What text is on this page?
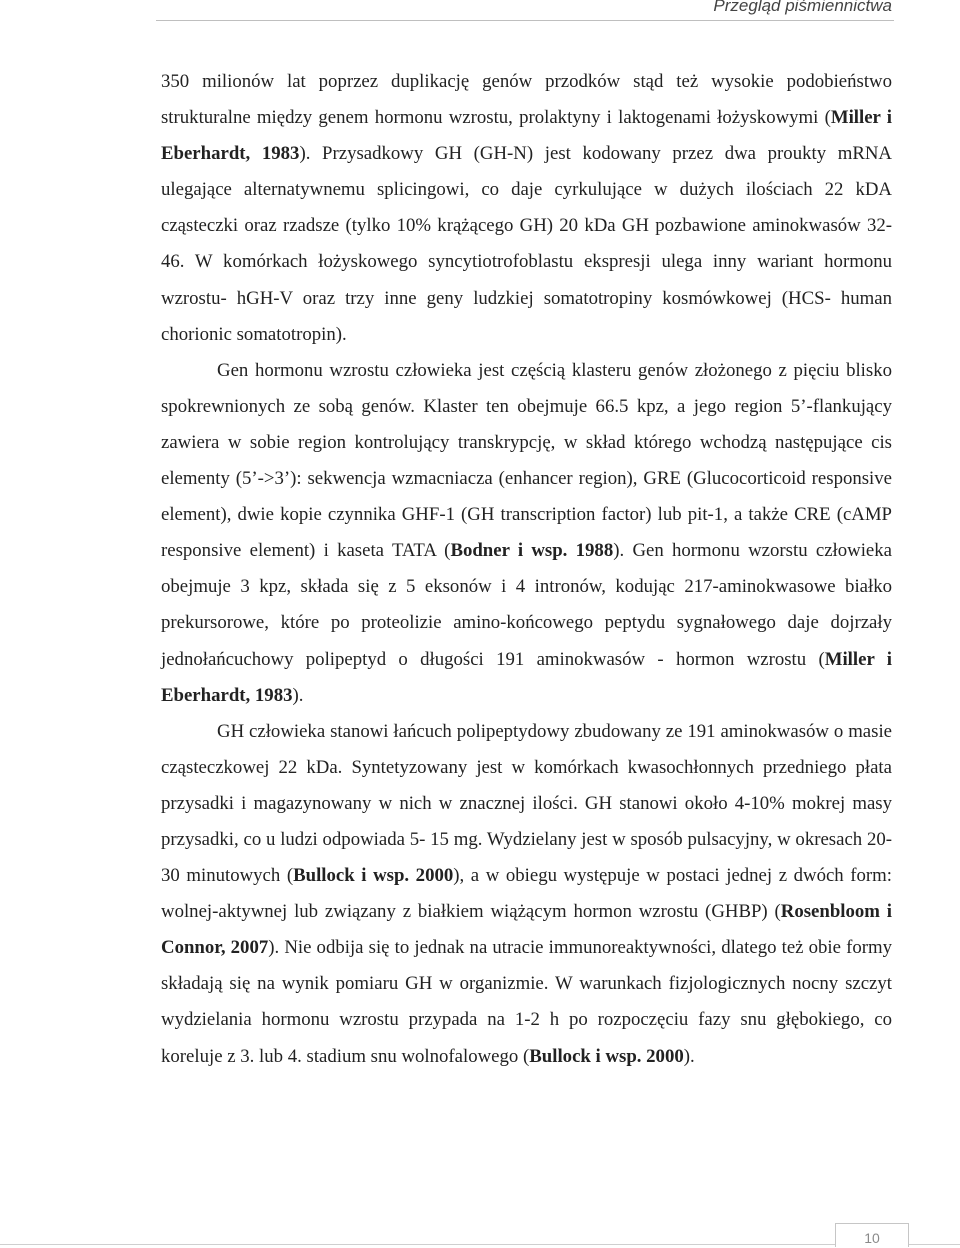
Przegląd piśmiennictwa

350 milionów lat poprzez duplikację genów przodków stąd też wysokie podobieństwo strukturalne między genem hormonu wzrostu, prolaktyny i laktogenami łożyskowymi (Miller i Eberhardt, 1983). Przysadkowy GH (GH-N) jest kodowany przez dwa proukty mRNA ulegające alternatywnemu splicingowi, co daje cyrkulujące w dużych ilościach 22 kDA cząsteczki oraz rzadsze (tylko 10% krążącego GH) 20 kDa GH pozbawione aminokwasów 32-46. W komórkach łożyskowego syncytiotrofoblastu ekspresji ulega inny wariant hormonu wzrostu- hGH-V oraz trzy inne geny ludzkiej somatotropiny kosmówkowej (HCS- human chorionic somatotropin).

Gen hormonu wzrostu człowieka jest częścią klasteru genów złożonego z pięciu blisko spokrewnionych ze sobą genów. Klaster ten obejmuje 66.5 kpz, a jego region 5’-flankujący zawiera w sobie region kontrolujący transkrypcję, w skład którego wchodzą następujące cis elementy (5’->3’): sekwencja wzmacniacza (enhancer region), GRE (Glucocorticoid responsive element), dwie kopie czynnika GHF-1 (GH transcription factor) lub pit-1, a także CRE (cAMP responsive element) i kaseta TATA (Bodner i wsp. 1988). Gen hormonu wzorstu człowieka obejmuje 3 kpz, składa się z 5 eksonów i 4 intronów, kodując 217-aminokwasowe białko prekursorowe, które po proteolizie amino-końcowego peptydu sygnałowego daje dojrzały jednołańcuchowy polipeptyd o długości 191 aminokwasów - hormon wzrostu (Miller i Eberhardt, 1983).

GH człowieka stanowi łańcuch polipeptydowy zbudowany ze 191 aminokwasów o masie cząsteczkowej 22 kDa. Syntetyzowany jest w komórkach kwasochłonnych przedniego płata przysadki i magazynowany w nich w znacznej ilości. GH stanowi około 4-10% mokrej masy przysadki, co u ludzi odpowiada 5- 15 mg. Wydzielany jest w sposób pulsacyjny, w okresach 20-30 minutowych (Bullock i wsp. 2000), a w obiegu występuje w postaci jednej z dwóch form: wolnej-aktywnej lub związany z białkiem wiążącym hormon wzrostu (GHBP) (Rosenbloom i Connor, 2007). Nie odbija się to jednak na utracie immunoreaktywności, dlatego też obie formy składają się na wynik pomiaru GH w organizmie. W warunkach fizjologicznych nocny szczyt wydzielania hormonu wzrostu przypada na 1-2 h po rozpoczęciu fazy snu głębokiego, co koreluje z 3. lub 4. stadium snu wolnofalowego (Bullock i wsp. 2000).

10
